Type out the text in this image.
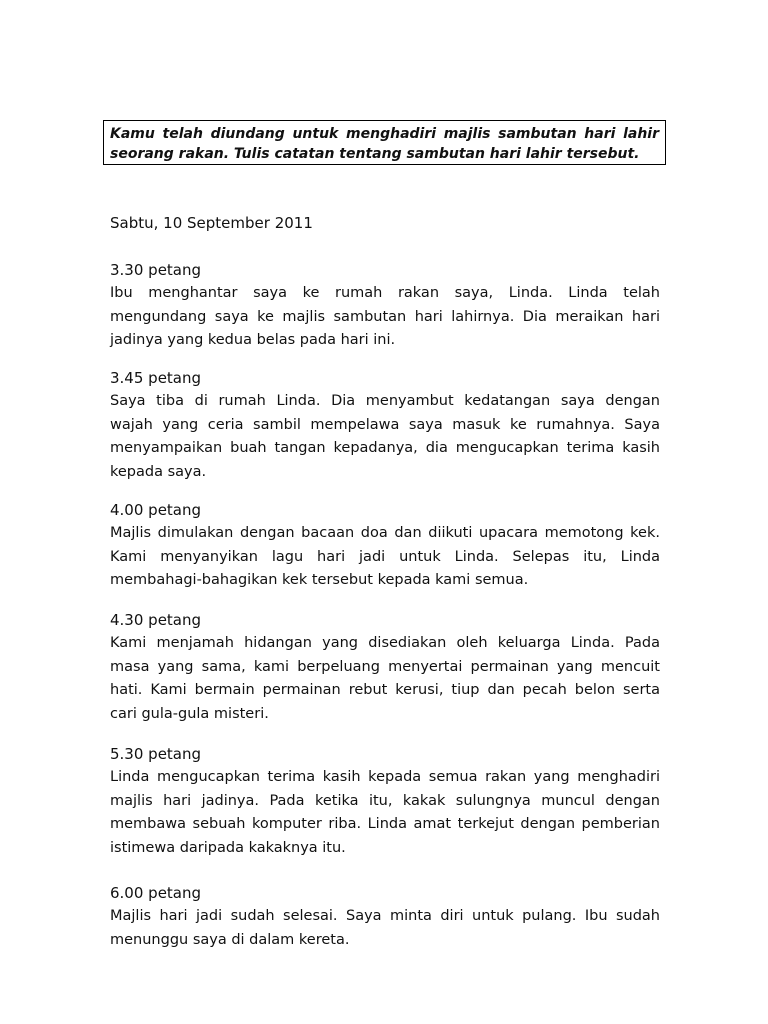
Kamu telah diundang untuk menghadiri majlis sambutan hari lahir
seorang rakan. Tulis catatan tentang sambutan hari lahir tersebut.
Sabtu, 10 September 2011
3.30 petang
Ibu menghantar saya ke rumah rakan saya, Linda. Linda telah
mengundang saya ke majlis sambutan hari lahirnya. Dia meraikan hari
jadinya yang kedua belas pada hari ini.
3.45 petang
Saya tiba di rumah Linda. Dia menyambut kedatangan saya dengan
wajah yang ceria sambil mempelawa saya masuk ke rumahnya. Saya
menyampaikan buah tangan kepadanya, dia mengucapkan terima kasih
kepada saya.
4.00 petang
Majlis dimulakan dengan bacaan doa dan diikuti upacara memotong kek.
Kami menyanyikan lagu hari jadi untuk Linda. Selepas itu, Linda
membahagi-bahagikan kek tersebut kepada kami semua.
4.30 petang
Kami menjamah hidangan yang disediakan oleh keluarga Linda. Pada
masa yang sama, kami berpeluang menyertai permainan yang mencuit
hati. Kami bermain permainan rebut kerusi, tiup dan pecah belon serta
cari gula-gula misteri.
5.30 petang
Linda mengucapkan terima kasih kepada semua rakan yang menghadiri
majlis hari jadinya. Pada ketika itu, kakak sulungnya muncul dengan
membawa sebuah komputer riba. Linda amat terkejut dengan pemberian
istimewa daripada kakaknya itu.
6.00 petang
Majlis hari jadi sudah selesai. Saya minta diri untuk pulang. Ibu sudah
menunggu saya di dalam kereta.
